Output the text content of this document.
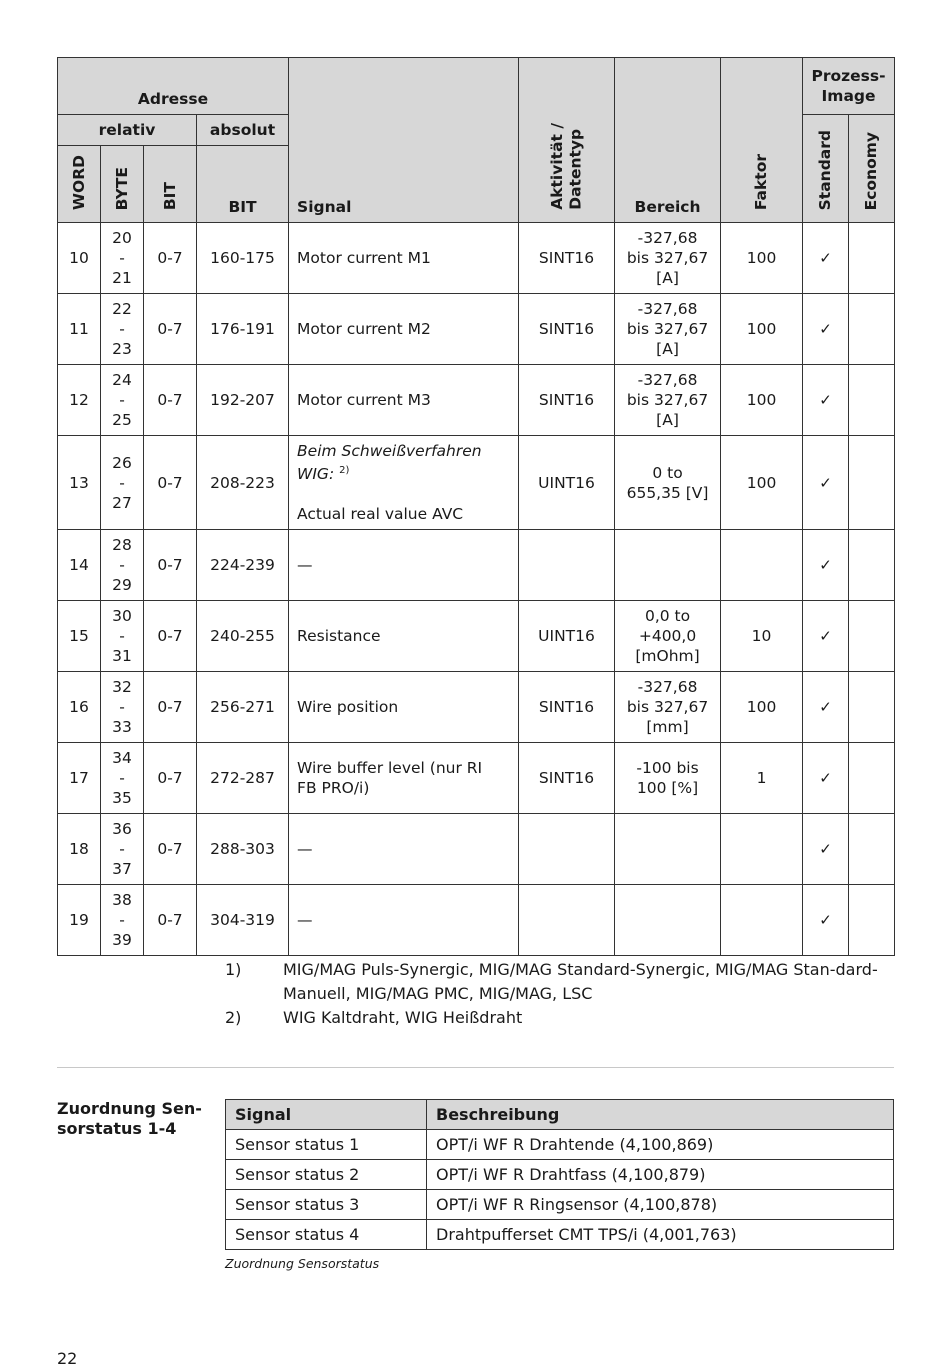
Adresse				Signal	Aktivität /
Datentyp	Bereich	Faktor	Prozess-
Image	
relativ			absolut					Standard	Economy
WORD	BYTE	BIT	BIT						
10	20
-
21	0-7	160-175	Motor current M1	SINT16	-327,68
bis 327,67
[A]	100	✓	
11	22
-
23	0-7	176-191	Motor current M2	SINT16	-327,68
bis 327,67
[A]	100	✓	
12	24
-
25	0-7	192-207	Motor current M3	SINT16	-327,68
bis 327,67
[A]	100	✓	
13	26
-
27	0-7	208-223	Beim Schweißverfahren
WIG: $^{2)}$

Actual real value AVC	UINT16	0 to
655,35 [V]	100	✓	
14	28
-
29	0-7	224-239	—				✓	
15	30
-
31	0-7	240-255	Resistance	UINT16	0,0 to
+400,0
[mOhm]	10	✓	
16	32
-
33	0-7	256-271	Wire position	SINT16	-327,68
bis 327,67
[mm]	100	✓	
17	34
-
35	0-7	272-287	Wire buffer level (nur RI
FB PRO/i)	SINT16	-100 bis
100 [%]	1	✓	
18	36
-
37	0-7	288-303	—				✓	
19	38
-
39	0-7	304-319	—				✓	
1)	MIG/MAG Puls-Synergic, MIG/MAG Standard-Synergic, MIG/MAG Stan-dard-Manuell, MIG/MAG PMC, MIG/MAG, LSC
2)	WIG Kaltdraht, WIG Heißdraht
Zuordnung Sen-sorstatus 1-4
Signal	Beschreibung
Sensor status 1	OPT/i WF R Drahtende (4,100,869)
Sensor status 2	OPT/i WF R Drahtfass (4,100,879)
Sensor status 3	OPT/i WF R Ringsensor (4,100,878)
Sensor status 4	Drahtpufferset CMT TPS/i (4,001,763)
Zuordnung Sensorstatus
22
